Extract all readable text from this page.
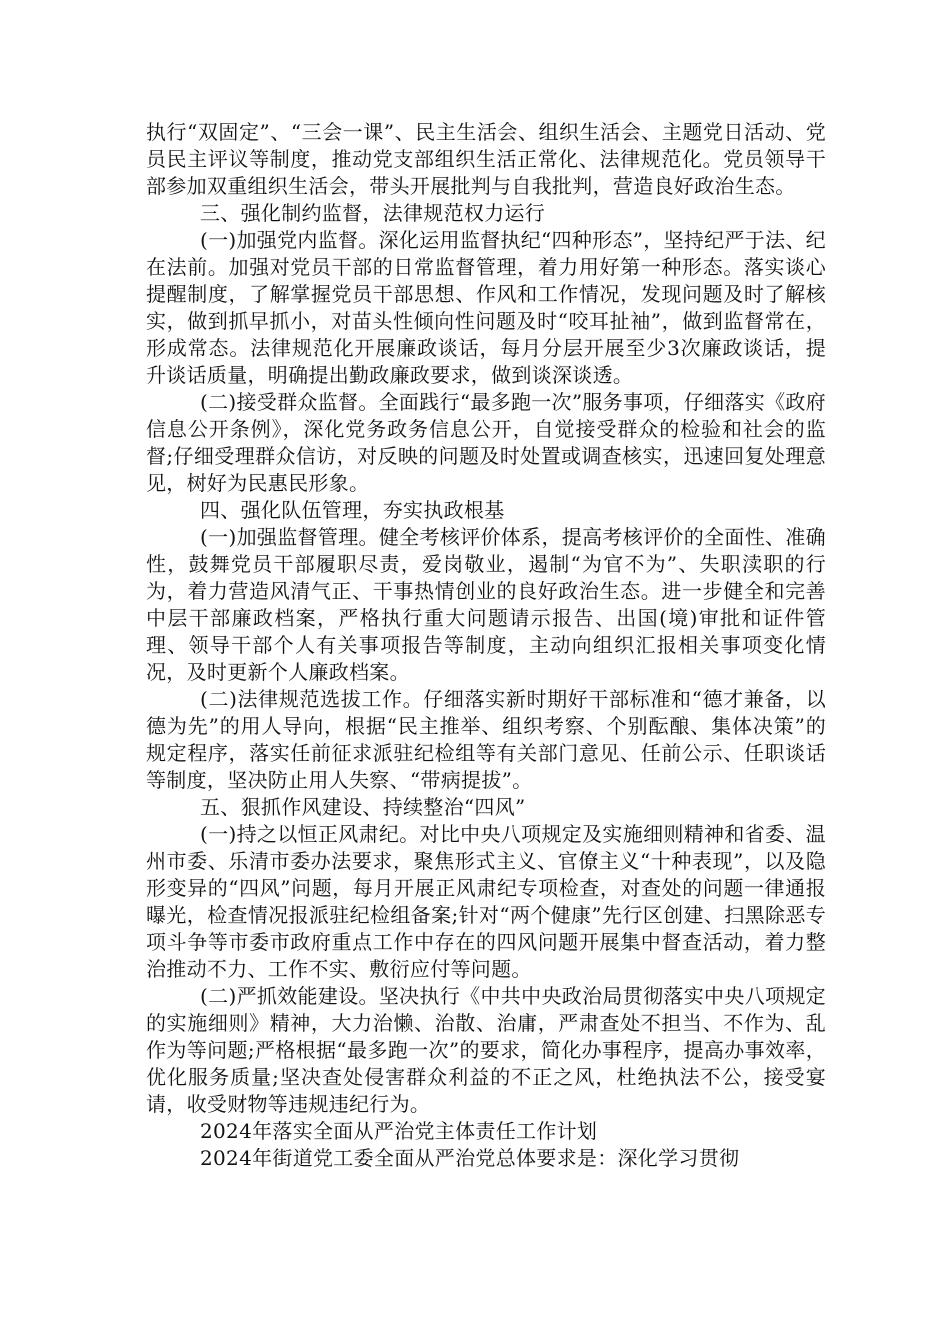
执行“双固定”、“三会一课”、民主生活会、组织生活会、主题党日活动、党员民主评议等制度，推动党支部组织生活正常化、法律规范化。党员领导干部参加双重组织生活会，带头开展批判与自我批判，营造良好政治生态。

三、强化制约监督，法律规范权力运行

(一)加强党内监督。深化运用监督执纪“四种形态”，坚持纪严于法、纪在法前。加强对党员干部的日常监督管理，着力用好第一种形态。落实谈心提醒制度，了解掌握党员干部思想、作风和工作情况，发现问题及时了解核实，做到抓早抓小，对苗头性倾向性问题及时“咬耳扯袖”，做到监督常在，形成常态。法律规范化开展廉政谈话，每月分层开展至少3次廉政谈话，提升谈话质量，明确提出勤政廉政要求，做到谈深谈透。

(二)接受群众监督。全面践行“最多跑一次”服务事项，仔细落实《政府信息公开条例》，深化党务政务信息公开，自觉接受群众的检验和社会的监督;仔细受理群众信访，对反映的问题及时处置或调查核实，迅速回复处理意见，树好为民惠民形象。

四、强化队伍管理，夯实执政根基

(一)加强监督管理。健全考核评价体系，提高考核评价的全面性、准确性，鼓舞党员干部履职尽责，爱岗敬业，遏制“为官不为”、失职渎职的行为，着力营造风清气正、干事热情创业的良好政治生态。进一步健全和完善中层干部廉政档案，严格执行重大问题请示报告、出国(境)审批和证件管理、领导干部个人有关事项报告等制度，主动向组织汇报相关事项变化情况，及时更新个人廉政档案。

(二)法律规范选拔工作。仔细落实新时期好干部标准和“德才兼备，以德为先”的用人导向，根据“民主推举、组织考察、个别酝酿、集体决策”的规定程序，落实任前征求派驻纪检组等有关部门意见、任前公示、任职谈话等制度，坚决防止用人失察、“带病提拔”。

五、狠抓作风建设、持续整治“四风”

(一)持之以恒正风肃纪。对比中央八项规定及实施细则精神和省委、温州市委、乐清市委办法要求，聚焦形式主义、官僚主义“十种表现”，以及隐形变异的“四风”问题，每月开展正风肃纪专项检查，对查处的问题一律通报曝光，检查情况报派驻纪检组备案;针对“两个健康”先行区创建、扫黑除恶专项斗争等市委市政府重点工作中存在的四风问题开展集中督查活动，着力整治推动不力、工作不实、敷衍应付等问题。

(二)严抓效能建设。坚决执行《中共中央政治局贯彻落实中央八项规定的实施细则》精神，大力治懒、治散、治庸，严肃查处不担当、不作为、乱作为等问题;严格根据“最多跑一次”的要求，简化办事程序，提高办事效率，优化服务质量;坚决查处侵害群众利益的不正之风，杜绝执法不公，接受宴请，收受财物等违规违纪行为。

2024年落实全面从严治党主体责任工作计划

2024年街道党工委全面从严治党总体要求是：深化学习贯彻
